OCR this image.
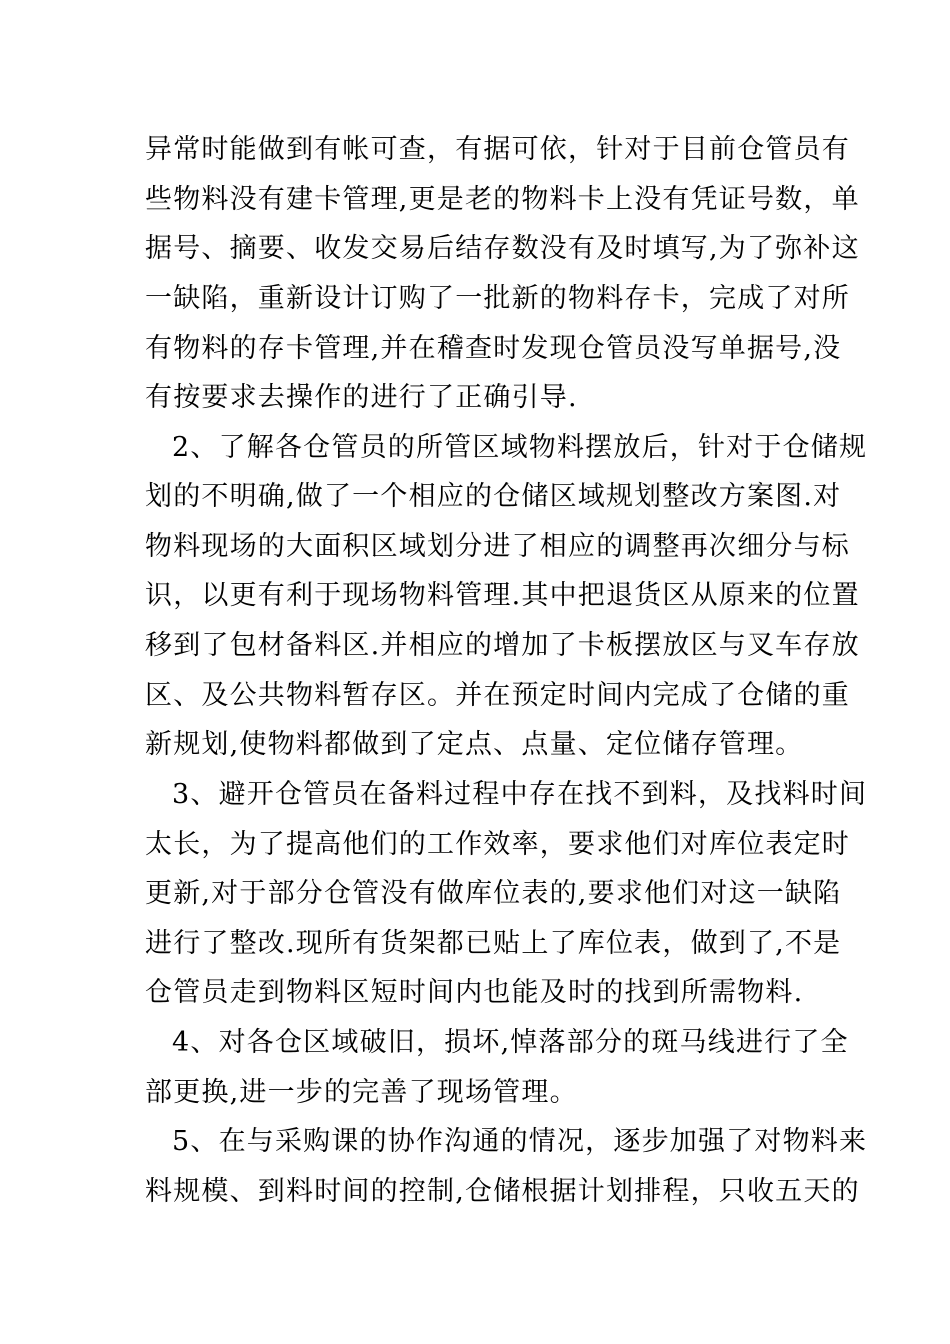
异常时能做到有帐可查，有据可依，针对于目前仓管员有
些物料没有建卡管理,更是老的物料卡上没有凭证号数，单
据号、摘要、收发交易后结存数没有及时填写,为了弥补这
一缺陷，重新设计订购了一批新的物料存卡，完成了对所
有物料的存卡管理,并在稽查时发现仓管员没写单据号,没
有按要求去操作的进行了正确引导.
2、了解各仓管员的所管区域物料摆放后，针对于仓储规
划的不明确,做了一个相应的仓储区域规划整改方案图.对
物料现场的大面积区域划分进了相应的调整再次细分与标
识，以更有利于现场物料管理.其中把退货区从原来的位置
移到了包材备料区.并相应的增加了卡板摆放区与叉车存放
区、及公共物料暂存区。并在预定时间内完成了仓储的重
新规划,使物料都做到了定点、点量、定位储存管理。
3、避开仓管员在备料过程中存在找不到料，及找料时间
太长，为了提高他们的工作效率，要求他们对库位表定时
更新,对于部分仓管没有做库位表的,要求他们对这一缺陷
进行了整改.现所有货架都已贴上了库位表，做到了,不是
仓管员走到物料区短时间内也能及时的找到所需物料.
4、对各仓区域破旧，损坏,悼落部分的斑马线进行了全
部更换,进一步的完善了现场管理。
5、在与采购课的协作沟通的情况，逐步加强了对物料来
料规模、到料时间的控制,仓储根据计划排程，只收五天的
